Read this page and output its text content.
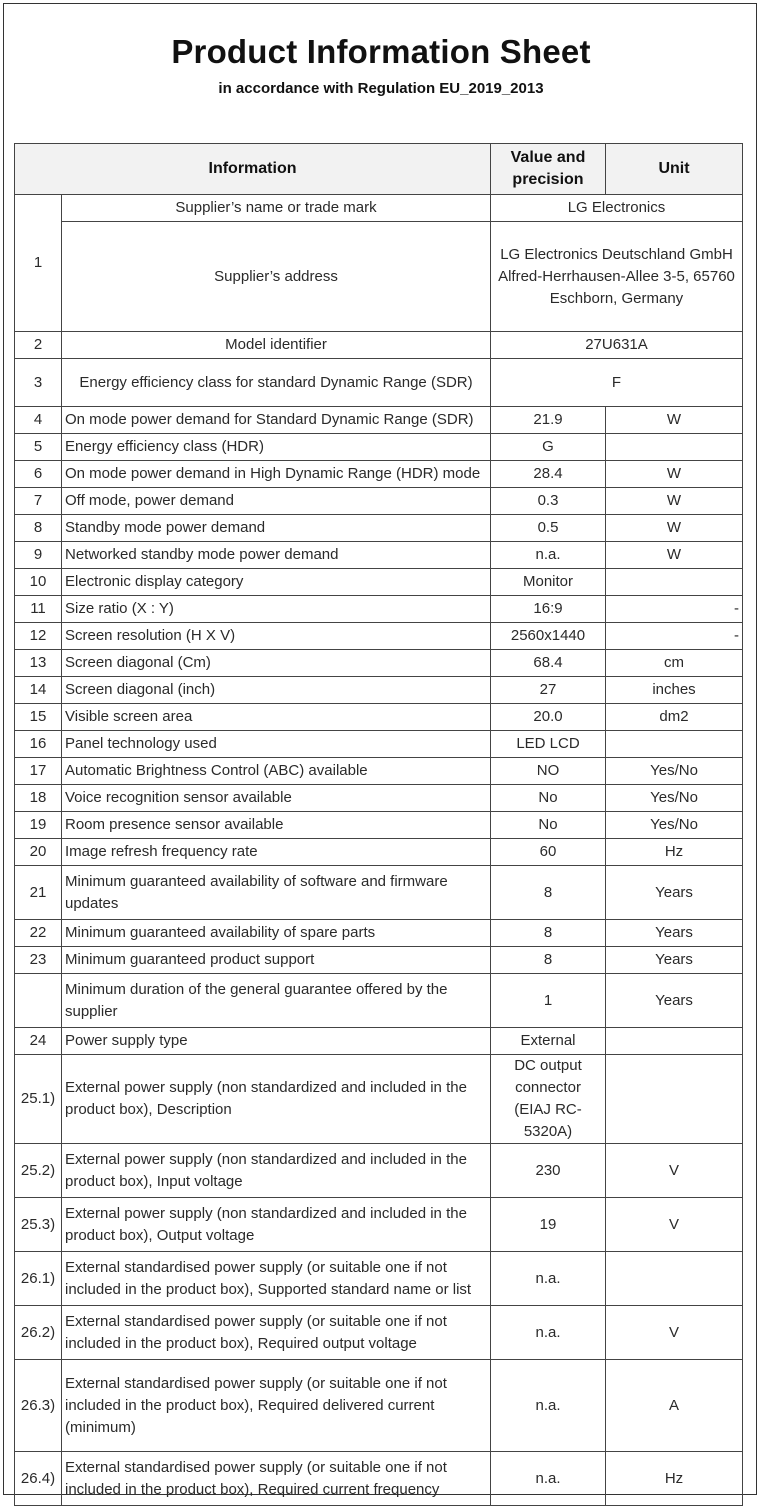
Product Information Sheet
in accordance with Regulation EU_2019_2013
Information		Value and precision	Unit
1	Supplier’s name or trade mark	LG Electronics	
	Supplier’s address	LG Electronics Deutschland GmbH
Alfred-Herrhausen-Allee 3-5, 65760
Eschborn, Germany	

2	Model identifier	27U631A	
3	Energy efficiency class for standard Dynamic Range (SDR)	F	
4	On mode power demand for Standard Dynamic Range (SDR)	21.9	W
5	Energy efficiency class (HDR)	G	
6	On mode power demand in High Dynamic Range (HDR) mode	28.4	W
7	Off mode, power demand	0.3	W
8	Standby mode power demand	0.5	W
9	Networked standby mode power demand	n.a.	W
10	Electronic display category	Monitor	
11	Size ratio (X : Y)	16:9	-
12	Screen resolution (H X V)	2560x1440	-
13	Screen diagonal (Cm)	68.4	cm
14	Screen diagonal (inch)	27	inches
15	Visible screen area	20.0	dm2
16	Panel technology used	LED LCD	
17	Automatic Brightness Control (ABC) available	NO	Yes/No
18	Voice recognition sensor available	No	Yes/No
19	Room presence sensor available	No	Yes/No
20	Image refresh frequency rate	60	Hz
21	Minimum guaranteed availability of software and firmware updates	8	Years
22	Minimum guaranteed availability of spare parts	8	Years
23	Minimum guaranteed product support	8	Years
	Minimum duration of the general guarantee offered by the supplier	1	Years
24	Power supply type	External	
25.1)	External power supply (non standardized and included in the product box), Description	DC output
connector
(EIAJ RC-5320A)	

25.2)	External power supply (non standardized and included in the product box), Input voltage	230	V
25.3)	External power supply (non standardized and included in the product box), Output voltage	19	V
26.1)	External standardised power supply (or suitable one if not included in the product box), Supported standard name or list	n.a.	
26.2)	External standardised power supply (or suitable one if not included in the product box), Required output voltage	n.a.	V
26.3)	External standardised power supply (or suitable one if not included in the product box), Required delivered current (minimum)	n.a.	A
26.4)	External standardised power supply (or suitable one if not included in the product box), Required current frequency	n.a.	Hz
